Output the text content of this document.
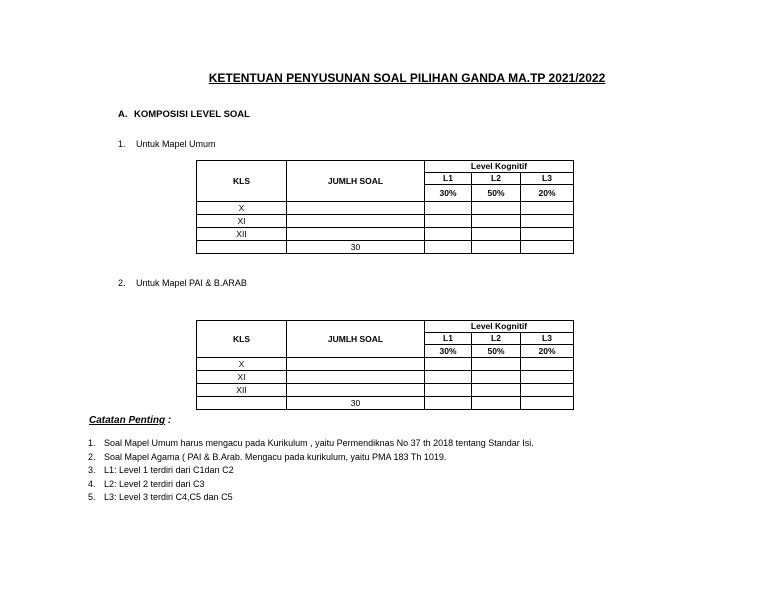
KETENTUAN PENYUSUNAN SOAL PILIHAN GANDA MA.TP 2021/2022
A. KOMPOSISI LEVEL SOAL
1. Untuk Mapel Umum
KLS	JUMLH SOAL	Level Kognitif		
		L1	L2	L3
		30%	50%	20%
X				
XI				
XII				
	30			
2. Untuk Mapel PAI & B.ARAB
KLS	JUMLH SOAL	Level Kognitif		
		L1	L2	L3
		30%	50%	20%
X				
XI				
XII				
	30			
Catatan Penting :
1. Soal Mapel Umum harus mengacu pada Kurikulum , yaitu Permendiknas No 37 th 2018 tentang Standar Isi.
2. Soal Mapel Agama ( PAI & B.Arab. Mengacu pada kurikulum, yaitu PMA 183 Th 1019.
3. L1: Level 1 terdiri dari C1dan C2
4. L2: Level 2 terdiri dari C3
5. L3: Level 3 terdiri C4,C5 dan C5
